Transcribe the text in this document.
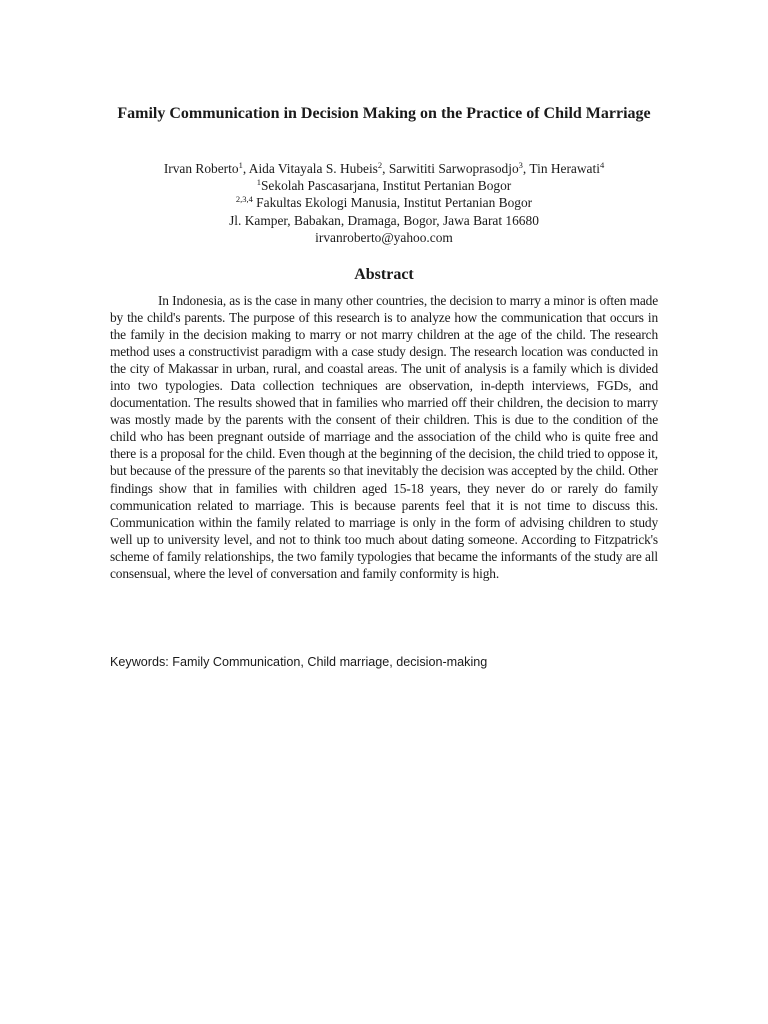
Family Communication in Decision Making on the Practice of Child Marriage
Irvan Roberto$^1$, Aida Vitayala S. Hubeis$^2$, Sarwititi Sarwoprasodjo$^3$, Tin Herawati$^4$
$^1$Sekolah Pascasarjana, Institut Pertanian Bogor
$^{2,3,4}$ Fakultas Ekologi Manusia, Institut Pertanian Bogor
Jl. Kamper, Babakan, Dramaga, Bogor, Jawa Barat 16680
irvanroberto@yahoo.com
Abstract

In Indonesia, as is the case in many other countries, the decision to marry a minor is often made by the child's parents. The purpose of this research is to analyze how the communication that occurs in the family in the decision making to marry or not marry children at the age of the child. The research method uses a constructivist paradigm with a case study design. The research location was conducted in the city of Makassar in urban, rural, and coastal areas. The unit of analysis is a family which is divided into two typologies. Data collection techniques are observation, in-depth interviews, FGDs, and documentation. The results showed that in families who married off their children, the decision to marry was mostly made by the parents with the consent of their children. This is due to the condition of the child who has been pregnant outside of marriage and the association of the child who is quite free and there is a proposal for the child. Even though at the beginning of the decision, the child tried to oppose it, but because of the pressure of the parents so that inevitably the decision was accepted by the child. Other findings show that in families with children aged 15-18 years, they never do or rarely do family communication related to marriage. This is because parents feel that it is not time to discuss this. Communication within the family related to marriage is only in the form of advising children to study well up to university level, and not to think too much about dating someone. According to Fitzpatrick's scheme of family relationships, the two family typologies that became the informants of the study are all consensual, where the level of conversation and family conformity is high.

Keywords: Family Communication, Child marriage, decision-making
